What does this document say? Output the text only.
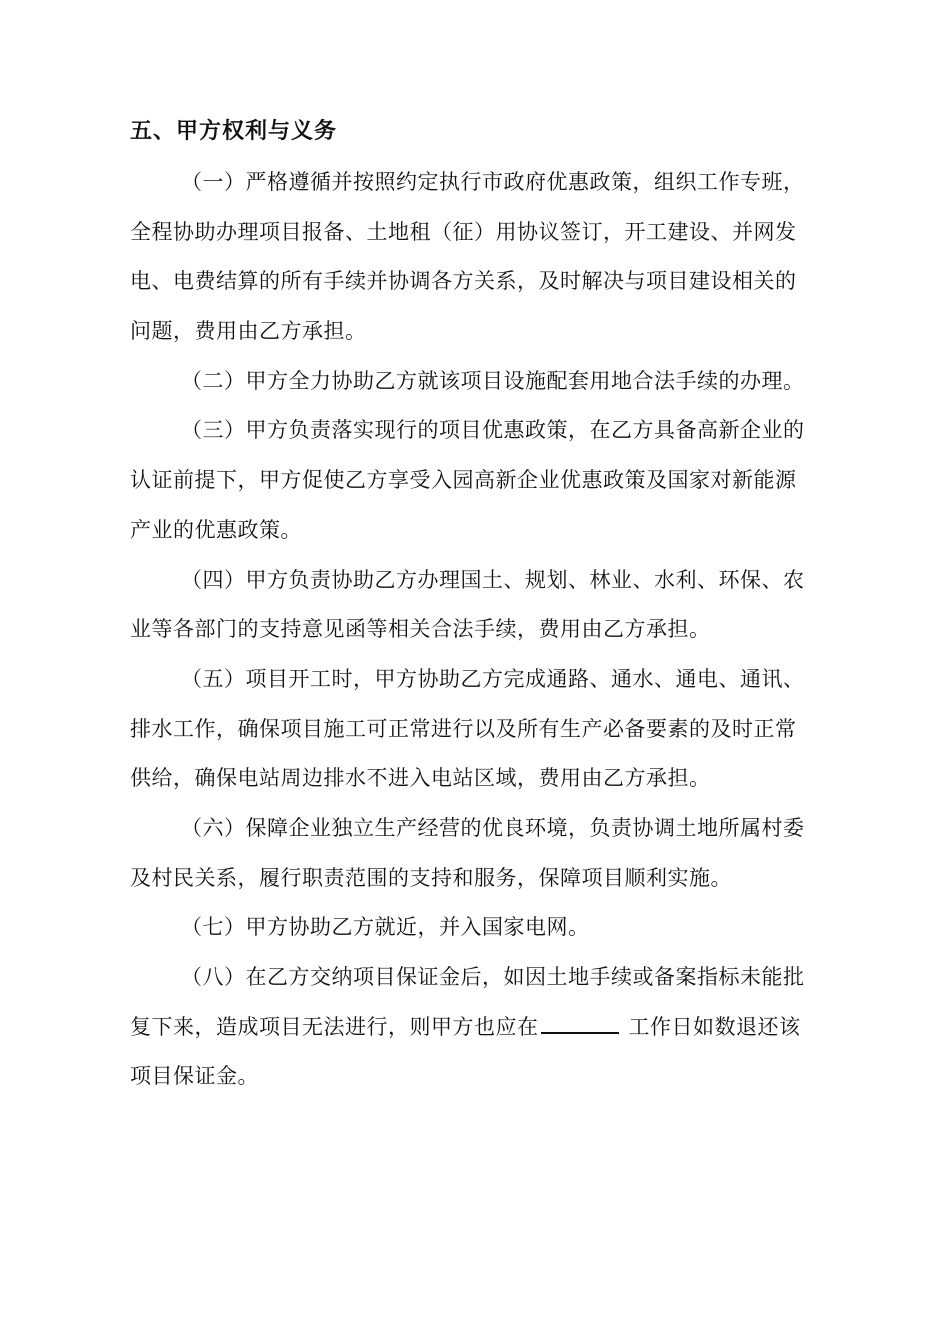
五、甲方权利与义务
（一）严格遵循并按照约定执行市政府优惠政策，组织工作专班，
全程协助办理项目报备、土地租（征）用协议签订，开工建设、并网发
电、电费结算的所有手续并协调各方关系，及时解决与项目建设相关的
问题，费用由乙方承担。
（二）甲方全力协助乙方就该项目设施配套用地合法手续的办理。
（三）甲方负责落实现行的项目优惠政策，在乙方具备高新企业的
认证前提下，甲方促使乙方享受入园高新企业优惠政策及国家对新能源
产业的优惠政策。
（四）甲方负责协助乙方办理国土、规划、林业、水利、环保、农
业等各部门的支持意见函等相关合法手续，费用由乙方承担。
（五）项目开工时，甲方协助乙方完成通路、通水、通电、通讯、
排水工作，确保项目施工可正常进行以及所有生产必备要素的及时正常
供给，确保电站周边排水不进入电站区域，费用由乙方承担。
（六）保障企业独立生产经营的优良环境，负责协调土地所属村委
及村民关系，履行职责范围的支持和服务，保障项目顺利实施。
（七）甲方协助乙方就近，并入国家电网。
（八）在乙方交纳项目保证金后，如因土地手续或备案指标未能批
复下来，造成项目无法进行，则甲方也应在	工作日如数退还该
项目保证金。
